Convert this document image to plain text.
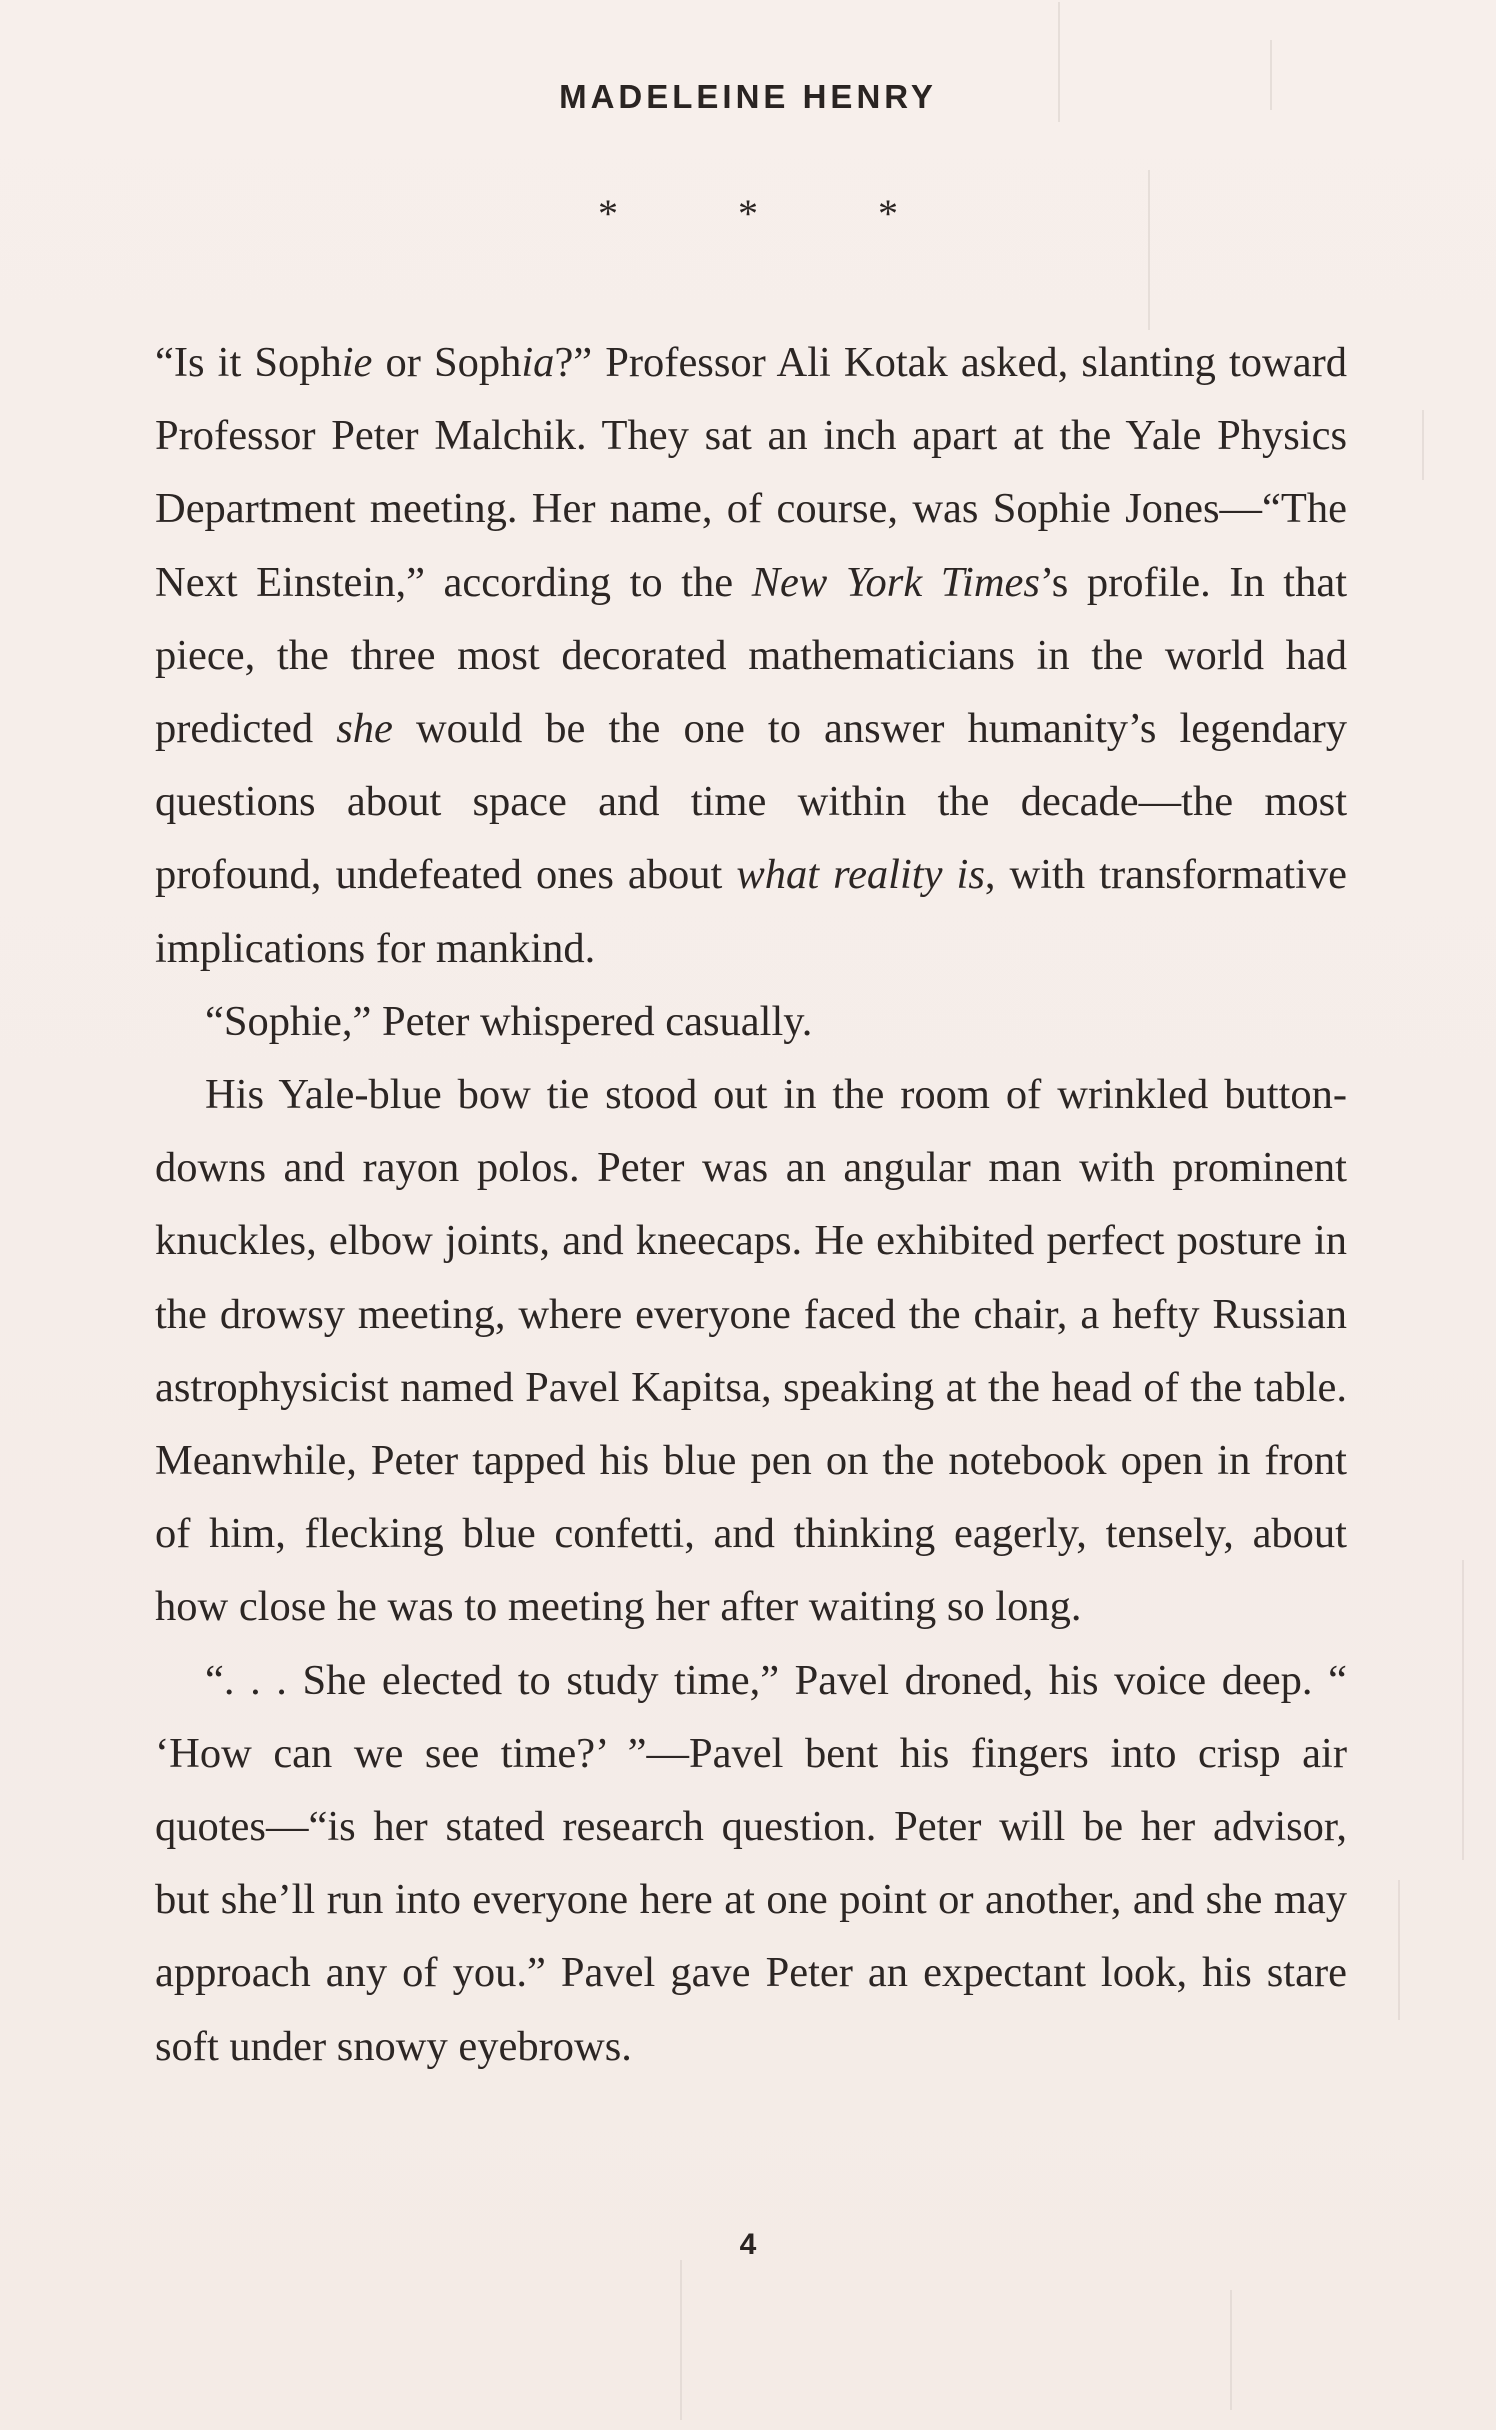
MADELEINE HENRY
*	*	*

“Is it Sophie or Sophia?” Professor Ali Kotak asked, slanting toward Professor Peter Malchik. They sat an inch apart at the Yale Physics Department meeting. Her name, of course, was Sophie Jones—“The Next Einstein,” according to the New York Times’s profile. In that piece, the three most decorated mathematicians in the world had predicted she would be the one to answer humanity’s legendary questions about space and time within the decade—the most profound, undefeated ones about what reality is, with transformative implications for mankind.

“Sophie,” Peter whispered casually.

His Yale-blue bow tie stood out in the room of wrinkled button-downs and rayon polos. Peter was an angular man with prominent knuckles, elbow joints, and kneecaps. He exhibited perfect posture in the drowsy meeting, where everyone faced the chair, a hefty Russian astrophysicist named Pavel Kapitsa, speaking at the head of the table. Meanwhile, Peter tapped his blue pen on the notebook open in front of him, flecking blue confetti, and thinking eagerly, tensely, about how close he was to meeting her after waiting so long.

“. . . She elected to study time,” Pavel droned, his voice deep. “ ‘How can we see time?’ ”—Pavel bent his fingers into crisp air quotes—“is her stated research question. Peter will be her advisor, but she’ll run into everyone here at one point or another, and she may approach any of you.” Pavel gave Peter an expectant look, his stare soft under snowy eyebrows.

4
